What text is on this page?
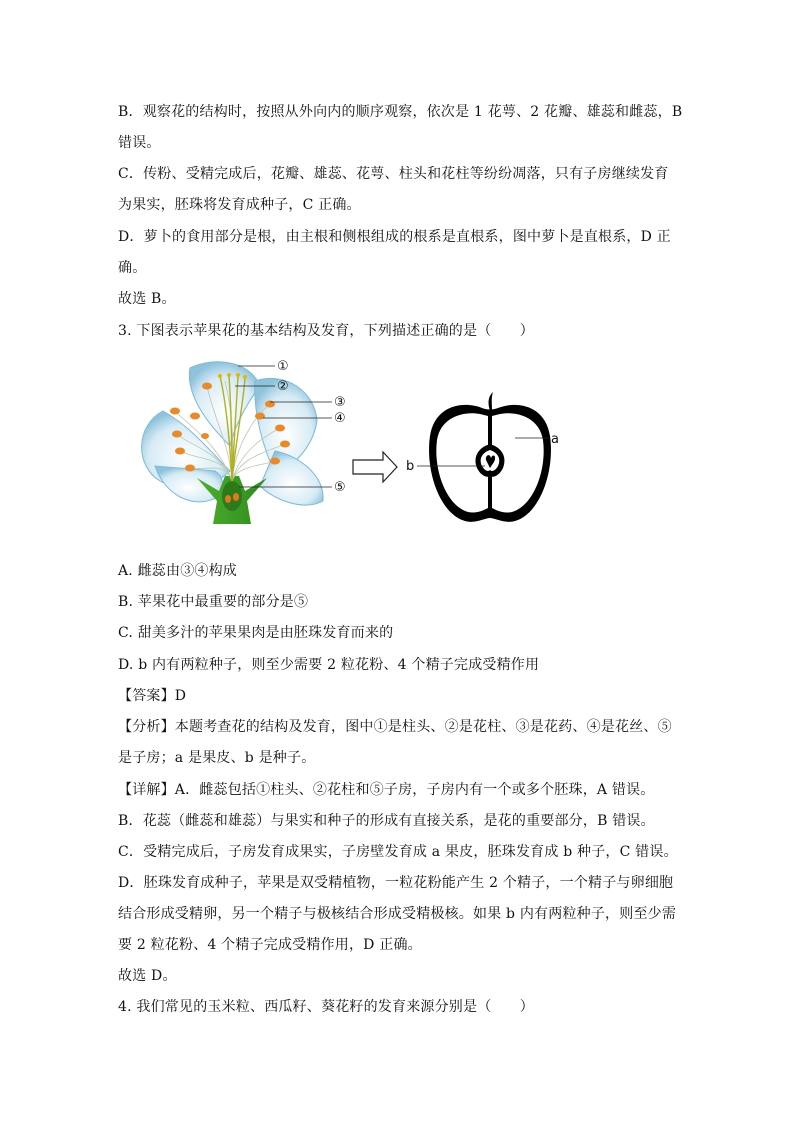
B．观察花的结构时，按照从外向内的顺序观察，依次是 1 花萼、2 花瓣、雄蕊和雌蕊，B
错误。
C．传粉、受精完成后，花瓣、雄蕊、花萼、柱头和花柱等纷纷凋落，只有子房继续发育
为果实，胚珠将发育成种子，C 正确。
D．萝卜的食用部分是根，由主根和侧根组成的根系是直根系，图中萝卜是直根系，D 正
确。
故选 B。
3. 下图表示苹果花的基本结构及发育，下列描述正确的是（　　）
①
②
③
④
⑤
a
b
A. 雌蕊由③④构成
B. 苹果花中最重要的部分是⑤
C. 甜美多汁的苹果果肉是由胚珠发育而来的
D. b 内有两粒种子，则至少需要 2 粒花粉、4 个精子完成受精作用
【答案】D
【分析】本题考查花的结构及发育，图中①是柱头、②是花柱、③是花药、④是花丝、⑤
是子房；a 是果皮、b 是种子。
【详解】A．雌蕊包括①柱头、②花柱和⑤子房，子房内有一个或多个胚珠，A 错误。
B．花蕊（雌蕊和雄蕊）与果实和种子的形成有直接关系，是花的重要部分，B 错误。
C．受精完成后，子房发育成果实，子房壁发育成 a 果皮，胚珠发育成 b 种子，C 错误。
D．胚珠发育成种子，苹果是双受精植物，一粒花粉能产生 2 个精子，一个精子与卵细胞
结合形成受精卵，另一个精子与极核结合形成受精极核。如果 b 内有两粒种子，则至少需
要 2 粒花粉、4 个精子完成受精作用，D 正确。
故选 D。
4. 我们常见的玉米粒、西瓜籽、葵花籽的发育来源分别是（　　）
